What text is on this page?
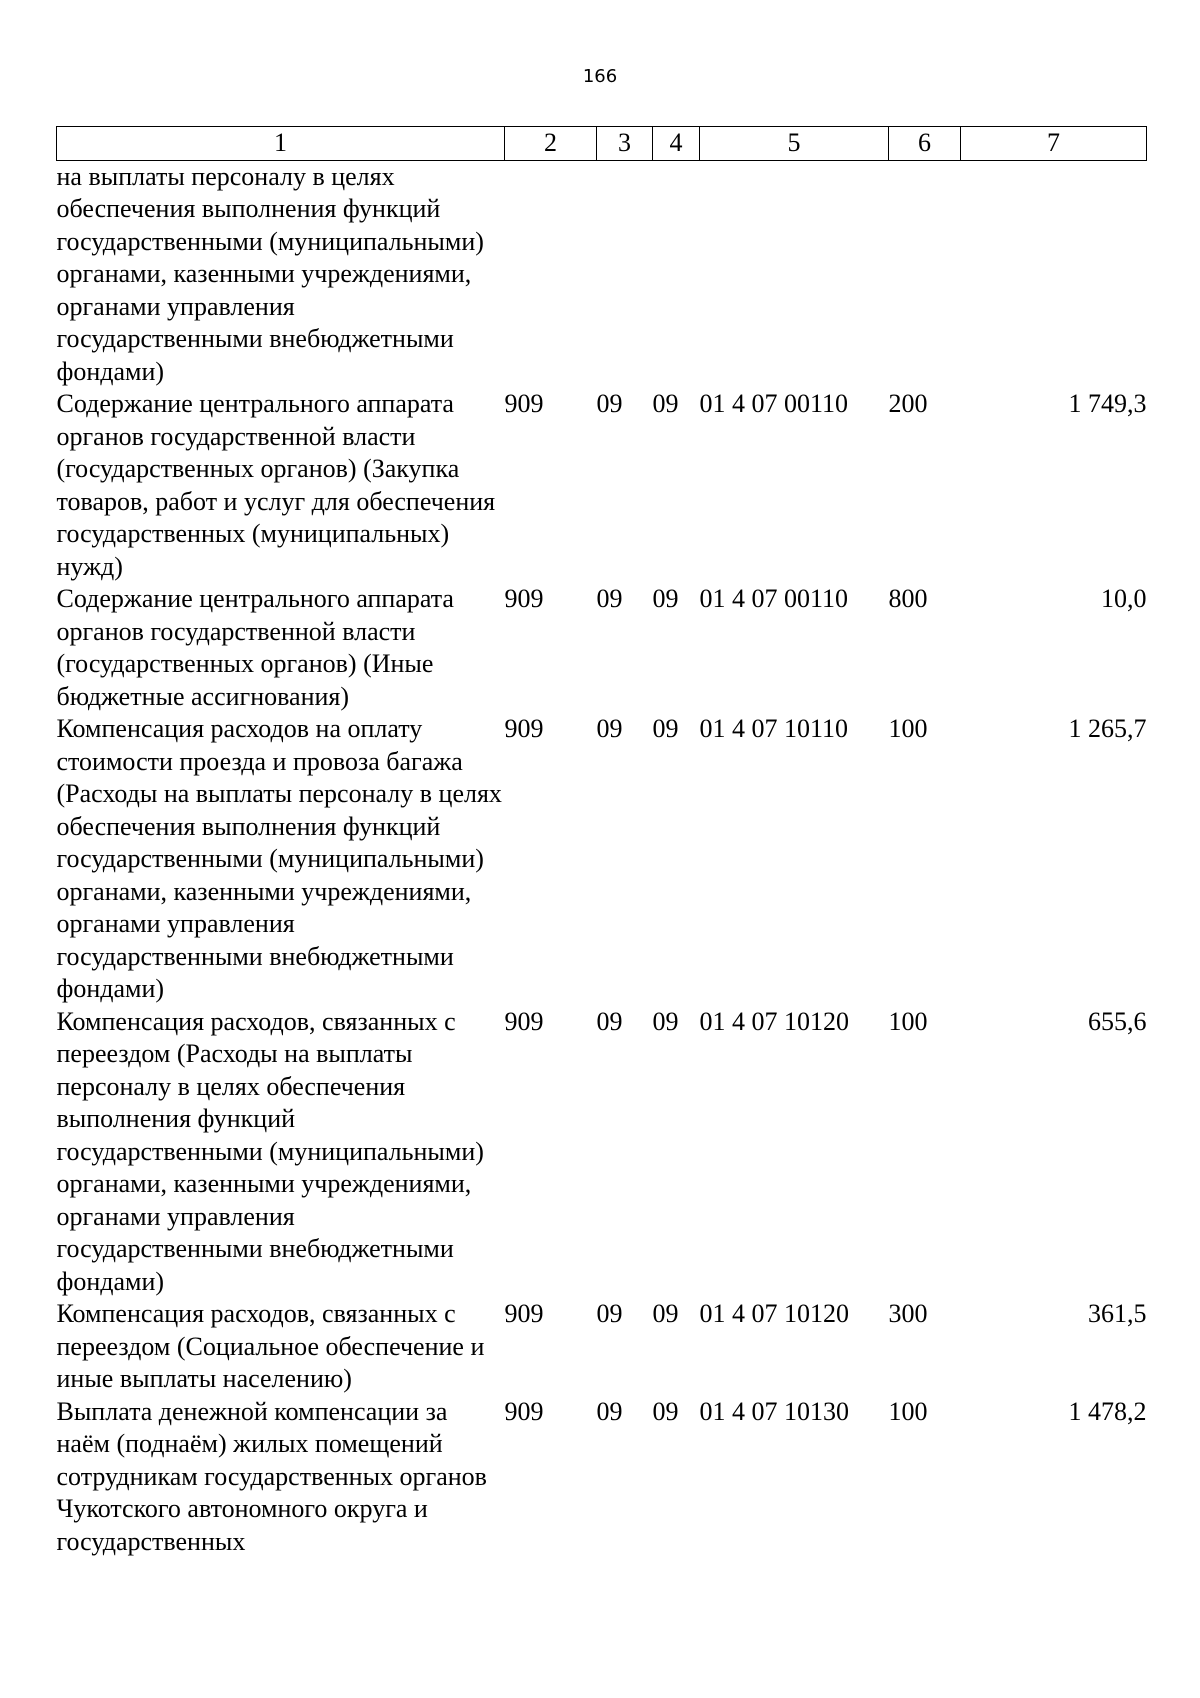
166
1	2	3	4	5	6	7
на выплаты персоналу в целях обеспечения выполнения функций государственными (муниципальными) органами, казенными учреждениями, органами управления государственными внебюджетными фондами)						
Содержание центрального аппарата органов государственной власти (государственных органов) (Закупка товаров, работ и услуг для обеспечения государственных (муниципальных) нужд)	909	09	09	01 4 07 00110	200	1 749,3
Содержание центрального аппарата органов государственной власти (государственных органов) (Иные бюджетные ассигнования)	909	09	09	01 4 07 00110	800	10,0
Компенсация расходов на оплату стоимости проезда и провоза багажа (Расходы на выплаты персоналу в целях обеспечения выполнения функций государственными (муниципальными) органами, казенными учреждениями, органами управления государственными внебюджетными фондами)	909	09	09	01 4 07 10110	100	1 265,7
Компенсация расходов, связанных с переездом (Расходы на выплаты персоналу в целях обеспечения выполнения функций государственными (муниципальными) органами, казенными учреждениями, органами управления государственными внебюджетными фондами)	909	09	09	01 4 07 10120	100	655,6
Компенсация расходов, связанных с переездом (Социальное обеспечение и иные выплаты населению)	909	09	09	01 4 07 10120	300	361,5
Выплата денежной компенсации за наём (поднаём) жилых помещений сотрудникам государственных органов Чукотского автономного округа и государственных	909	09	09	01 4 07 10130	100	1 478,2
